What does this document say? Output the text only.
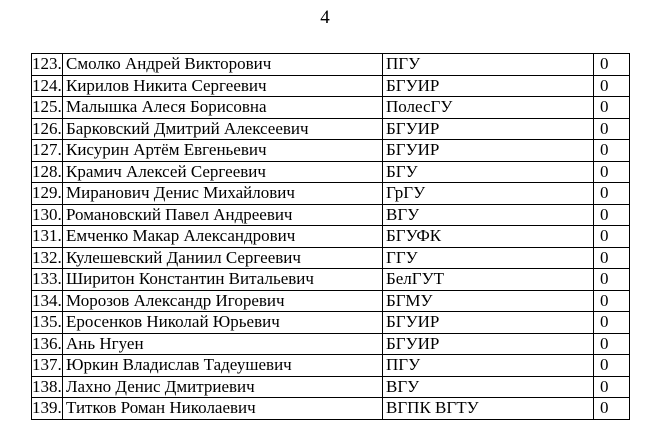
4
123.	Смолко Андрей Викторович	ПГУ	0
124.	Кирилов Никита Сергеевич	БГУИР	0
125.	Малышка Алеся Борисовна	ПолесГУ	0
126.	Барковский Дмитрий Алексеевич	БГУИР	0
127.	Кисурин Артём Евгеньевич	БГУИР	0
128.	Крамич Алексей Сергеевич	БГУ	0
129.	Миранович Денис Михайлович	ГрГУ	0
130.	Романовский Павел Андреевич	ВГУ	0
131.	Емченко Макар Александрович	БГУФК	0
132.	Кулешевский Даниил Сергеевич	ГГУ	0
133.	Ширитон Константин Витальевич	БелГУТ	0
134.	Морозов Александр Игоревич	БГМУ	0
135.	Еросенков Николай Юрьевич	БГУИР	0
136.	Ань Нгуен	БГУИР	0
137.	Юркин Владислав Тадеушевич	ПГУ	0
138.	Лахно Денис Дмитриевич	ВГУ	0
139.	Титков Роман Николаевич	ВГПК ВГТУ	0
